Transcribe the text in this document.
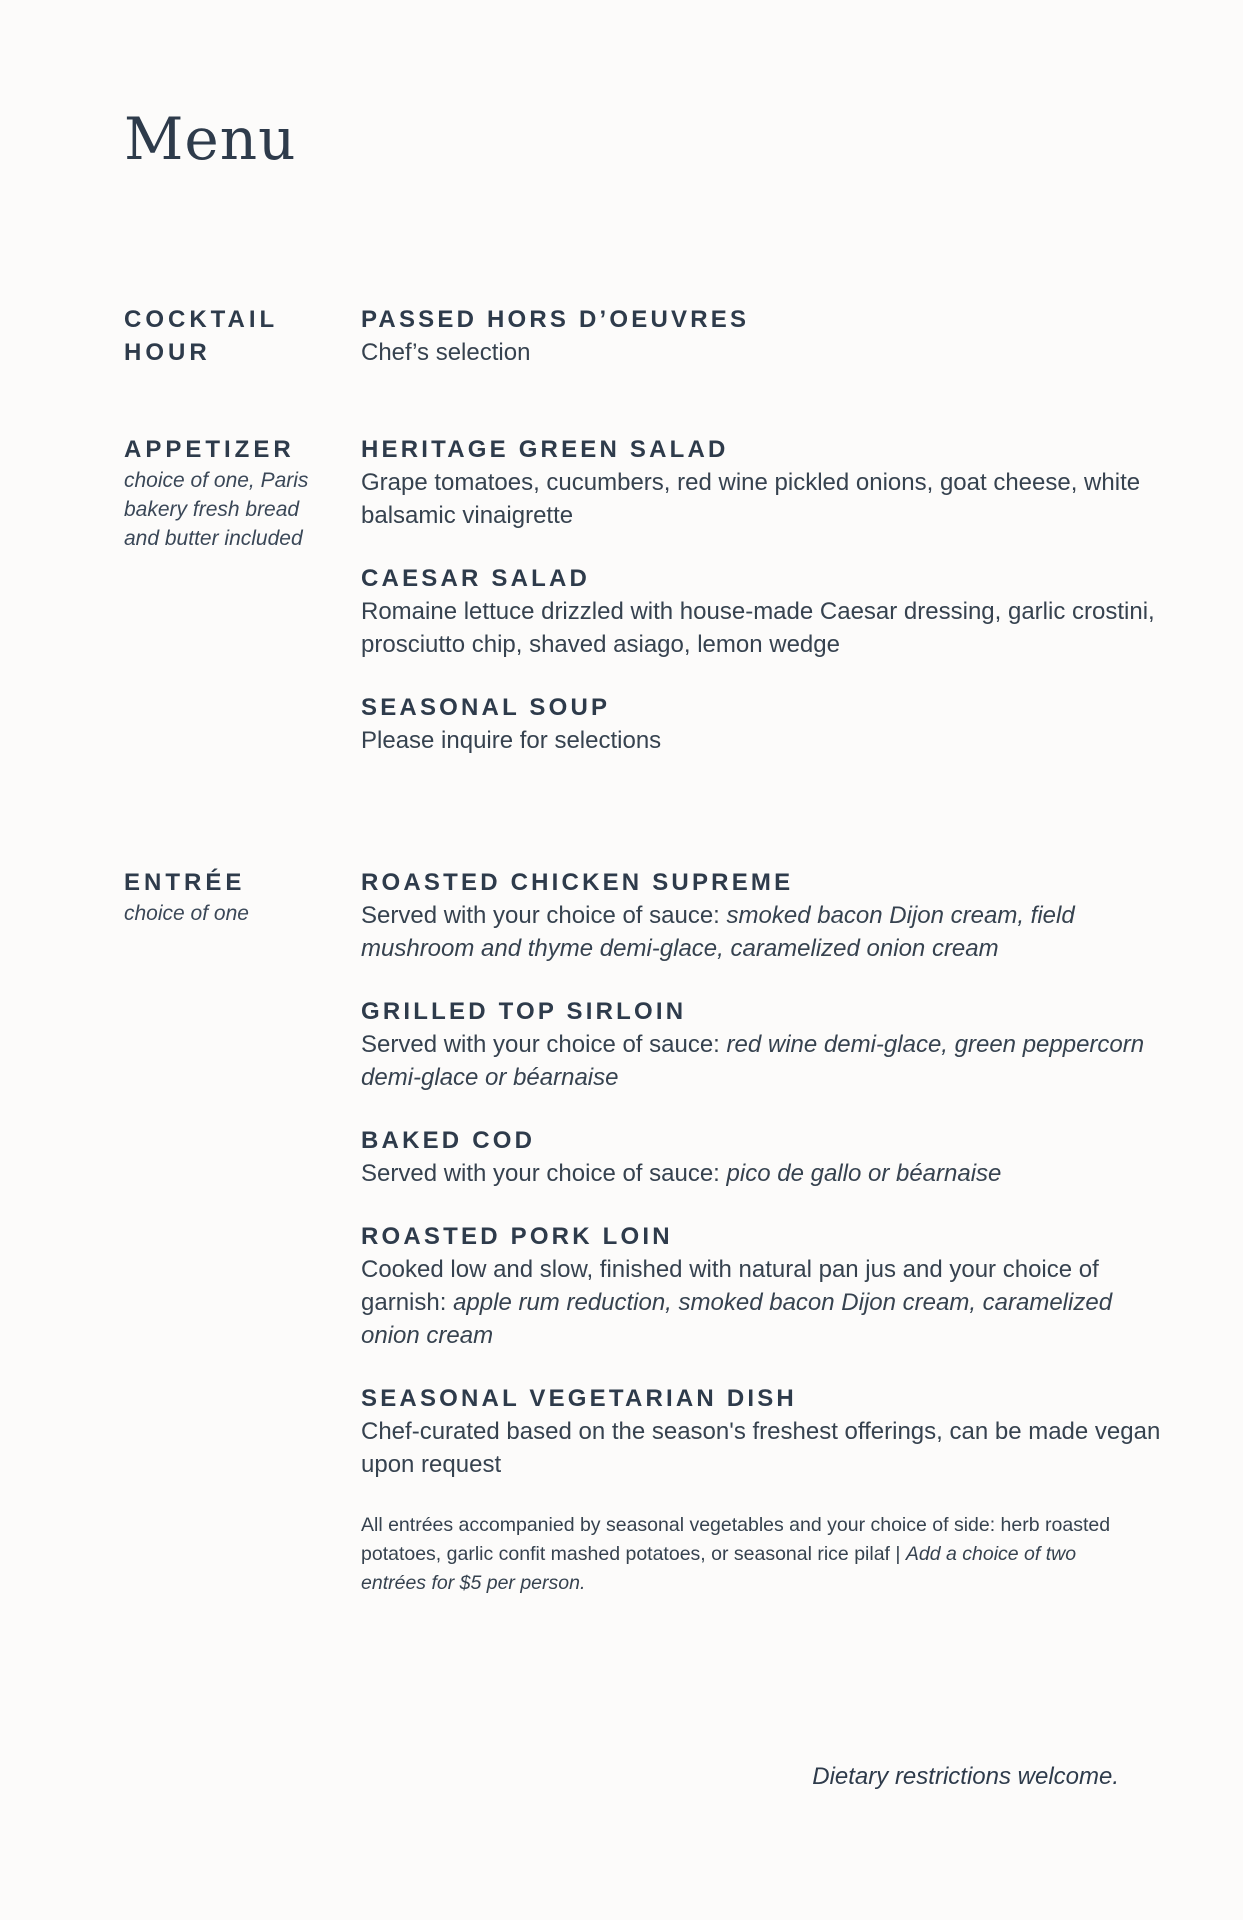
Menu
COCKTAIL HOUR
PASSED HORS D’OEUVRES
Chef’s selection
APPETIZER
choice of one, Paris bakery fresh bread and butter included
HERITAGE GREEN SALAD
Grape tomatoes, cucumbers, red wine pickled onions, goat cheese, white balsamic vinaigrette
CAESAR SALAD
Romaine lettuce drizzled with house-made Caesar dressing, garlic crostini, prosciutto chip, shaved asiago, lemon wedge
SEASONAL SOUP
Please inquire for selections
ENTRÉE
choice of one
ROASTED CHICKEN SUPREME
Served with your choice of sauce: smoked bacon Dijon cream, field mushroom and thyme demi-glace, caramelized onion cream
GRILLED TOP SIRLOIN
Served with your choice of sauce: red wine demi-glace, green peppercorn demi-glace or béarnaise
BAKED COD
Served with your choice of sauce: pico de gallo or béarnaise
ROASTED PORK LOIN
Cooked low and slow, finished with natural pan jus and your choice of garnish: apple rum reduction, smoked bacon Dijon cream, caramelized onion cream
SEASONAL VEGETARIAN DISH
Chef-curated based on the season's freshest offerings, can be made vegan upon request
All entrées accompanied by seasonal vegetables and your choice of side: herb roasted potatoes, garlic confit mashed potatoes, or seasonal rice pilaf | Add a choice of two entrées for $5 per person.
Dietary restrictions welcome.
